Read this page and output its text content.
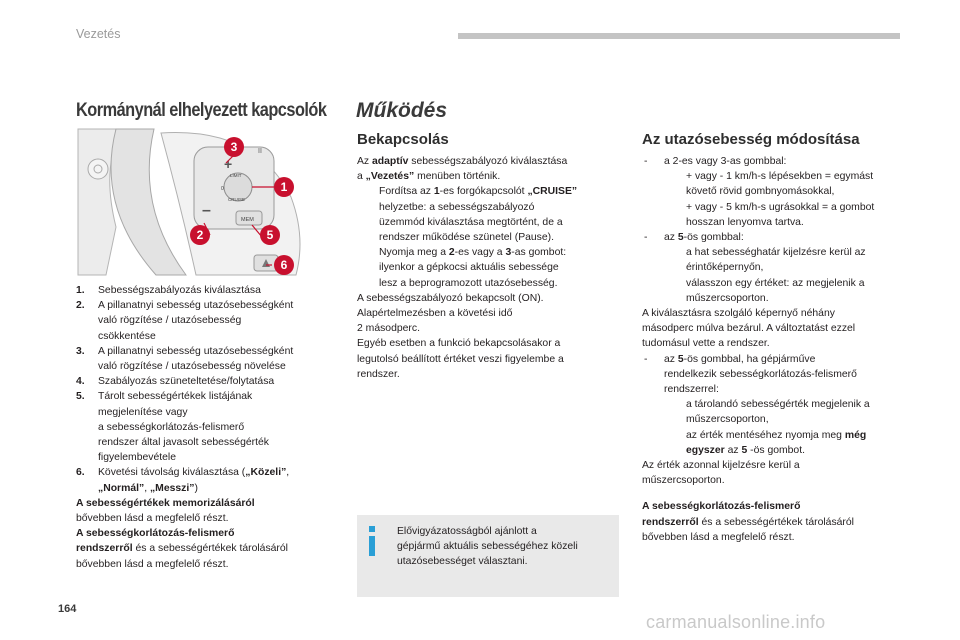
Vezetés
Kormánynál elhelyezett kapcsolók
+
–
II
LIMIT
CRUISE
0
MEM
3
1
2	5
6
1. Sebességszabályozás kiválasztása

2. A pillanatnyi sebesség utazósebességként

való rögzítése / utazósebesség

csökkentése

3. A pillanatnyi sebesség utazósebességként

való rögzítése / utazósebesség növelése

4. Szabályozás szüneteltetése/folytatása

5. Tárolt sebességértékek listájának

megjelenítése vagy

a sebességkorlátozás-felismerő

rendszer által javasolt sebességérték

figyelembevétele

6. Követési távolság kiválasztása („Közeli”,

„Normál”, „Messzi”)

A sebességértékek memorizálásáról

bővebben lásd a megfelelő részt.

A sebességkorlátozás-felismerő

rendszerről és a sebességértékek tárolásáról

bővebben lásd a megfelelő részt.

Működés
Bekapcsolás

Az adaptív sebességszabályozó kiválasztása

a „Vezetés” menüben történik.

Fordítsa az 1-es forgókapcsolót „CRUISE”

helyzetbe: a sebességszabályozó

üzemmód kiválasztása megtörtént, de a

rendszer működése szünetel (Pause).

Nyomja meg a 2-es vagy a 3-as gombot:

ilyenkor a gépkocsi aktuális sebessége

lesz a beprogramozott utazósebesség.

A sebességszabályozó bekapcsolt (ON).

Alapértelmezésben a követési idő

2 másodperc.

Egyéb esetben a funkció bekapcsolásakor a

legutolsó beállított értéket veszi figyelembe a

rendszer.

Elővigyázatosságból ajánlott a

gépjármű aktuális sebességéhez közeli

utazósebességet választani.

Az utazósebesség módosítása
- a 2-es vagy 3-as gombbal:

+ vagy - 1 km/h-s lépésekben = egymást

követő rövid gombnyomásokkal,

+ vagy - 5 km/h-s ugrásokkal = a gombot

hosszan lenyomva tartva.

- az 5-ös gombbal:

a hat sebességhatár kijelzésre kerül az

érintőképernyőn,

válasszon egy értéket: az megjelenik a

műszercsoporton.

A kiválasztásra szolgáló képernyő néhány

másodperc múlva bezárul. A változtatást ezzel

tudomásul vette a rendszer.

- az 5-ös gombbal, ha gépjárműve

rendelkezik sebességkorlátozás-felismerő

rendszerrel:

a tárolandó sebességérték megjelenik a

műszercsoporton,

az érték mentéséhez nyomja meg még

egyszer az 5 -ös gombot.

Az érték azonnal kijelzésre kerül a

műszercsoporton.

A sebességkorlátozás-felismerő

rendszerről és a sebességértékek tárolásáról

bővebben lásd a megfelelő részt.

164
carmanualsonline.info
